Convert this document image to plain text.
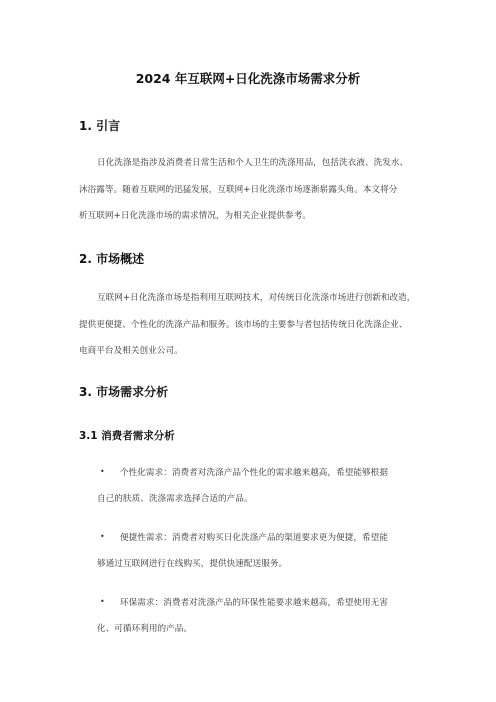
2024 年互联网+日化洗涤市场需求分析
1. 引言
日化洗涤是指涉及消费者日常生活和个人卫生的洗涤用品，包括洗衣液、洗发水、
沐浴露等。随着互联网的迅猛发展，互联网+日化洗涤市场逐渐崭露头角。本文将分
析互联网+日化洗涤市场的需求情况，为相关企业提供参考。
2. 市场概述
互联网+日化洗涤市场是指利用互联网技术，对传统日化洗涤市场进行创新和改造，
提供更便捷、个性化的洗涤产品和服务。该市场的主要参与者包括传统日化洗涤企业、
电商平台及相关创业公司。
3. 市场需求分析
3.1 消费者需求分析
• 个性化需求：消费者对洗涤产品个性化的需求越来越高，希望能够根据
自己的肤质、洗涤需求选择合适的产品。
• 便捷性需求：消费者对购买日化洗涤产品的渠道要求更为便捷，希望能
够通过互联网进行在线购买，提供快速配送服务。
• 环保需求：消费者对洗涤产品的环保性能要求越来越高，希望使用无害
化、可循环利用的产品。
